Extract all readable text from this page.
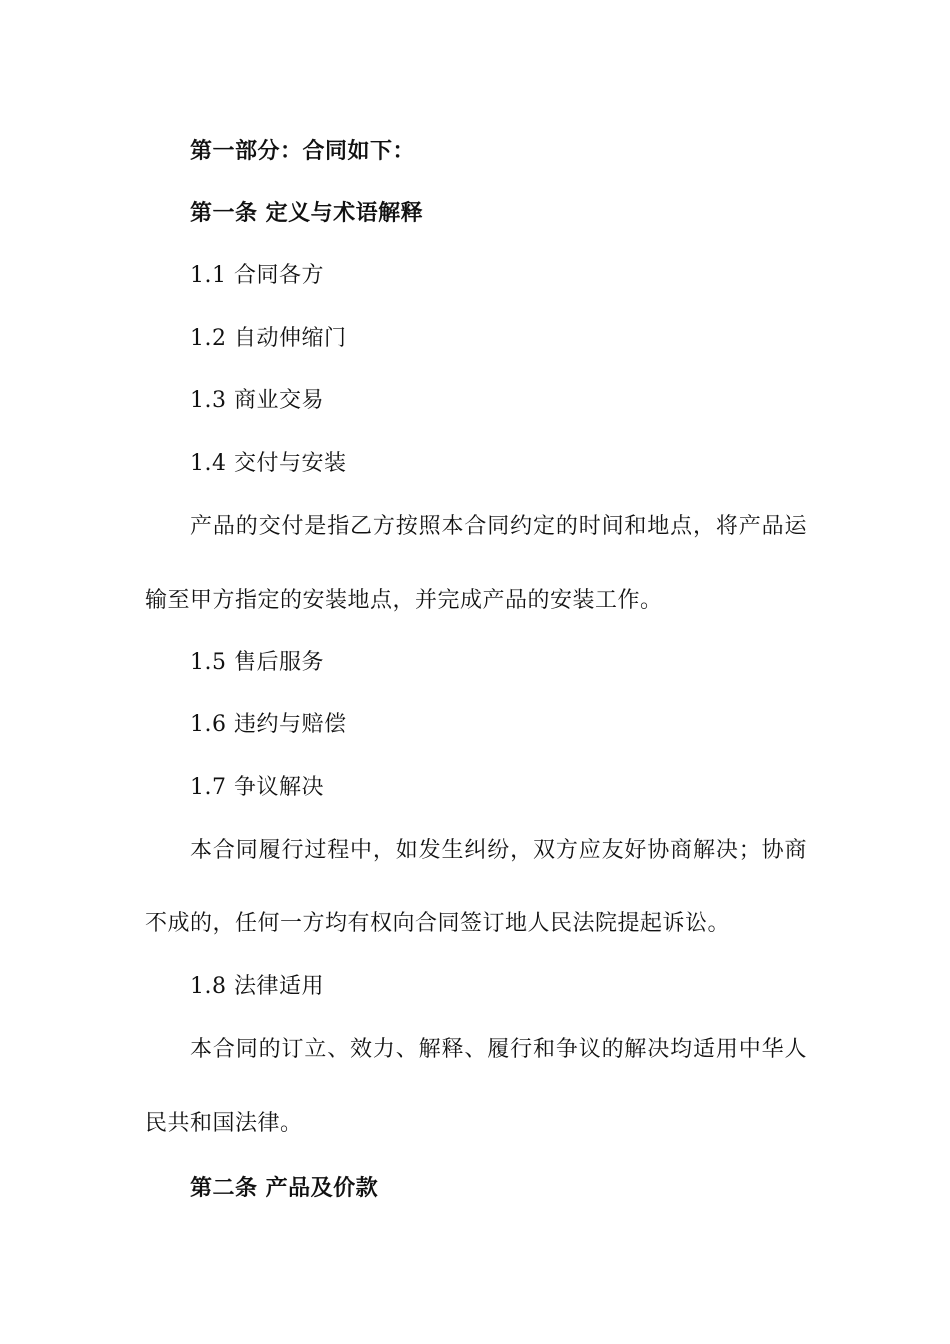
第一部分：合同如下：
第一条 定义与术语解释
1.1 合同各方
1.2 自动伸缩门
1.3 商业交易
1.4 交付与安装
产品的交付是指乙方按照本合同约定的时间和地点，将产品运
输至甲方指定的安装地点，并完成产品的安装工作。
1.5 售后服务
1.6 违约与赔偿
1.7 争议解决
本合同履行过程中，如发生纠纷，双方应友好协商解决；协商
不成的，任何一方均有权向合同签订地人民法院提起诉讼。
1.8 法律适用
本合同的订立、效力、解释、履行和争议的解决均适用中华人
民共和国法律。
第二条 产品及价款
